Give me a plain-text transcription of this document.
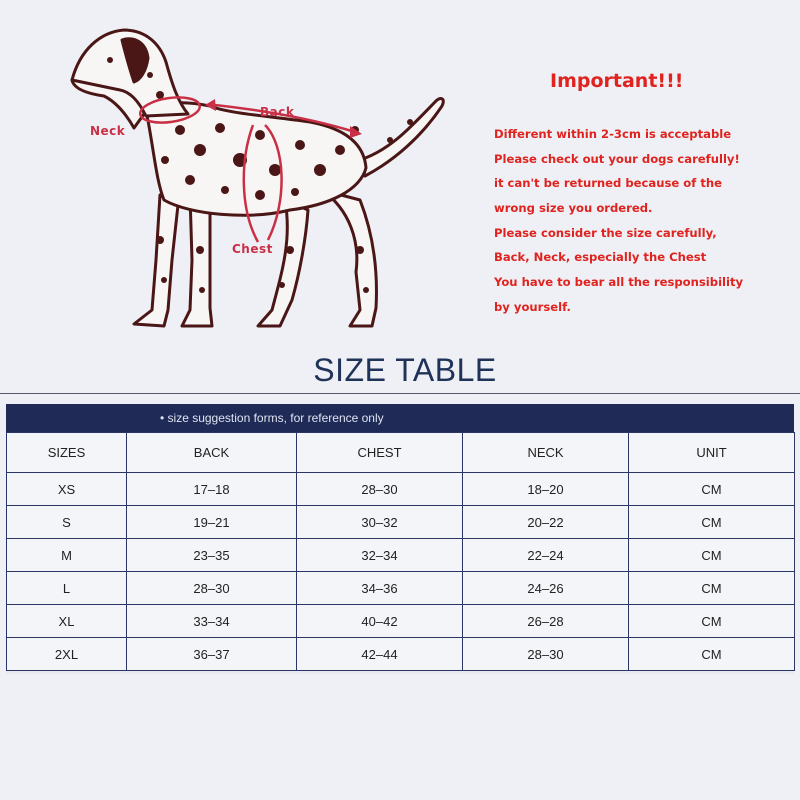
Neck
Back
Chest
Important!!!
Different within 2-3cm is acceptable
Please check out your dogs carefully!
it can't be returned because of the
wrong size you ordered.
Please consider the size carefully,
Back, Neck, especially the Chest
You have to bear all the responsibility
by yourself.
SIZE TABLE
• size suggestion forms, for reference only
SIZES	BACK	CHEST	NECK	UNIT
XS	17–18	28–30	18–20	CM
S	19–21	30–32	20–22	CM
M	23–35	32–34	22–24	CM
L	28–30	34–36	24–26	CM
XL	33–34	40–42	26–28	CM
2XL	36–37	42–44	28–30	CM
